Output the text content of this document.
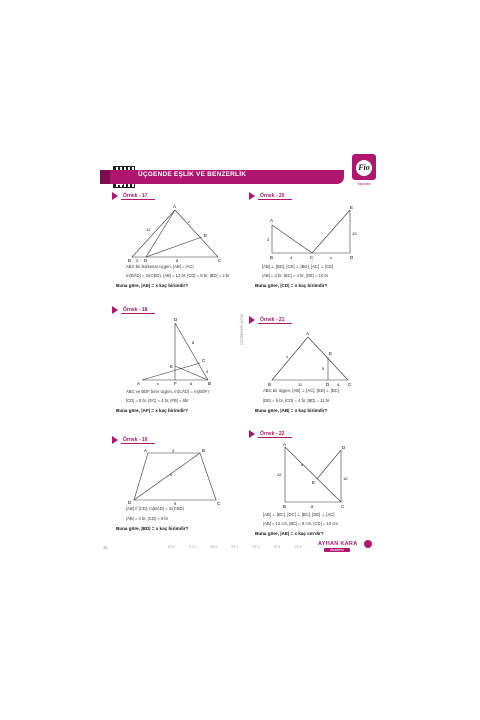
ÜÇGENDE EŞLİK VE BENZERLİK
Fio
Yayınları
GÖZBEBEĞİ BİZİM
Örnek - 17
A
B	C
D
E
12
x
8
2
ABC bir ikizkenar üçgen, |AB| = |AC|
m(BÂD) = m(CÊD), |AB| = 12 br, |CD| = 8 br, |BD| = 2 br
Buna göre, |AE| = x kaç birimdir?
Örnek - 18
D
A	B
C
E
F
8
4
x	6
ABC ve BDF birer üçgen, m(CÂD) = m(BÔF)
|CD| = 8 br, |EC| = 4 br, |FB| = 6br
Buna göre, |AF| = x kaç birimdir?
Örnek - 19
A	B
C
D
4
x
9
[AB] // [CD], m(BÂD) = m(CBD)
|AB| = 4 br, |CD| = 9 br
Buna göre, |BD| = x kaç birimdir?
Örnek - 20
A
B	C	D
E
3
4	x
10
[AB] ⊥ [BD], [CE] ⊥ [BD], [AC] ⊥ [CE]
|AB| = 3 br, |BC| = 4 br, |DE| = 10 br
Buna göre, |CD| = x kaç birimdir?
Örnek - 21
A
B	C
D
E
x
5
11	4
ABC bir üçgen, [AB] ⊥ [AC], [ED] ⊥ [BC]
|DE| = 5 br, |CD| = 4 br, |BD| = 11 br
Buna göre, |AB| = x kaç birimdir?
Örnek - 22
A
B	C
D
E
x
12
8
10
[AB] ⊥ [BC], [DC] ⊥ [BC], [DE] ⊥ [AC]
|AB| = 12 cm, |BC| = 8 cm, |CD| = 10 cm
Buna göre, |AE| = x kaç cm'dir?
72	ST.0	ST.1	TB.0	ST.2	ST.3	ST.4	ST.5	AYHAN KARA
Akademi
